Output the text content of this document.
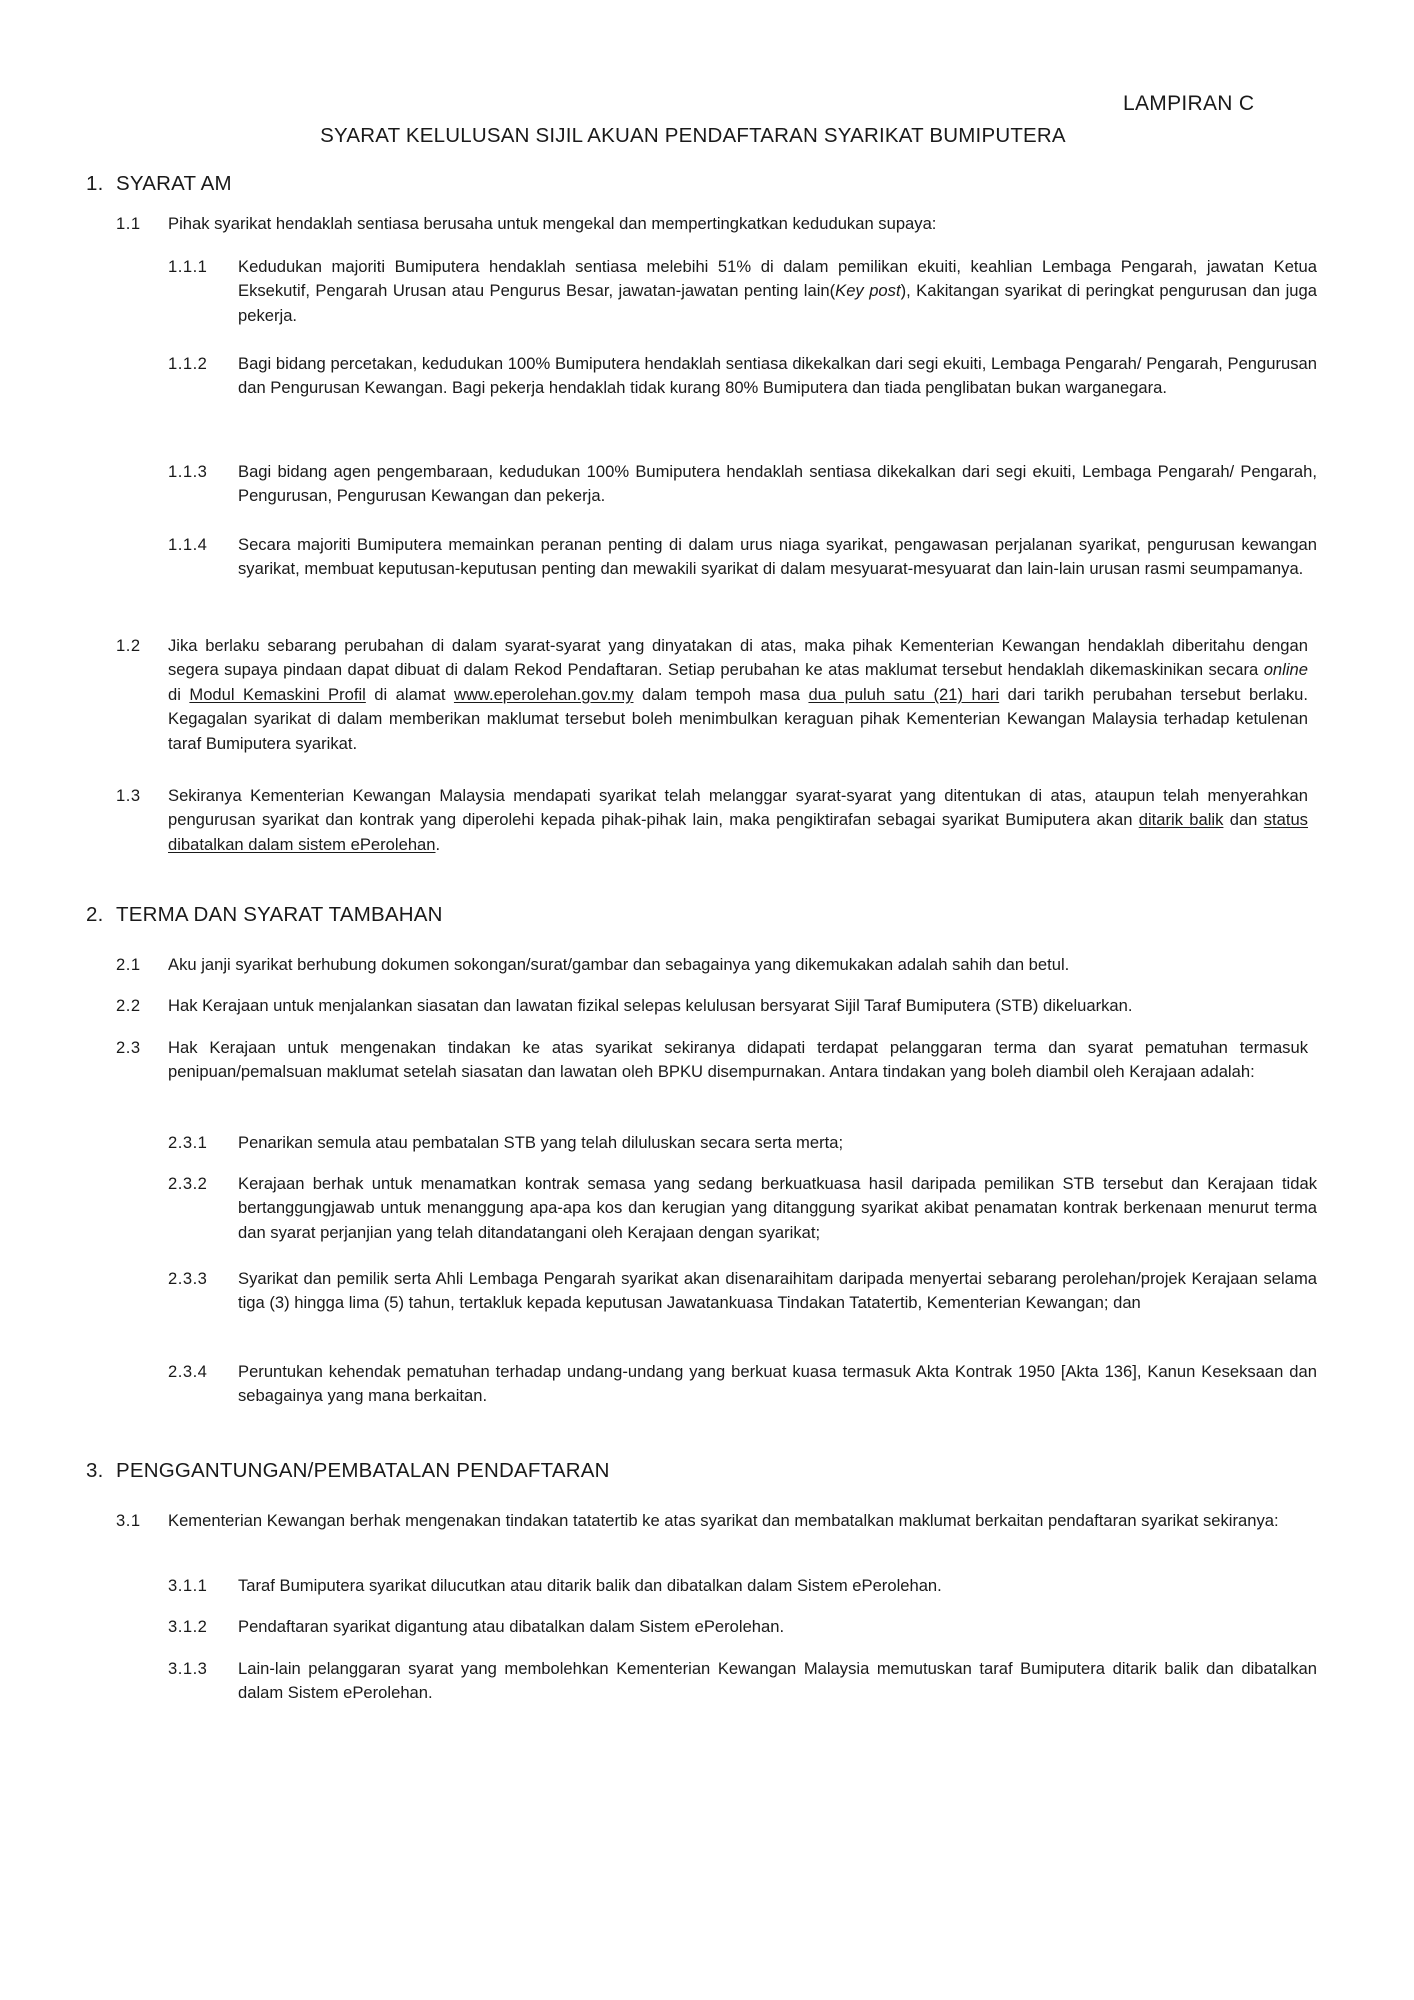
LAMPIRAN C
SYARAT KELULUSAN SIJIL AKUAN PENDAFTARAN SYARIKAT BUMIPUTERA
1. SYARAT AM
1.1 Pihak syarikat hendaklah sentiasa berusaha untuk mengekal dan mempertingkatkan kedudukan supaya:
1.1.1 Kedudukan majoriti Bumiputera hendaklah sentiasa melebihi 51% di dalam pemilikan ekuiti, keahlian Lembaga Pengarah, jawatan Ketua Eksekutif, Pengarah Urusan atau Pengurus Besar, jawatan-jawatan penting lain(Key post), Kakitangan syarikat di peringkat pengurusan dan juga pekerja.
1.1.2 Bagi bidang percetakan, kedudukan 100% Bumiputera hendaklah sentiasa dikekalkan dari segi ekuiti, Lembaga Pengarah/ Pengarah, Pengurusan dan Pengurusan Kewangan. Bagi pekerja hendaklah tidak kurang 80% Bumiputera dan tiada penglibatan bukan warganegara.
1.1.3 Bagi bidang agen pengembaraan, kedudukan 100% Bumiputera hendaklah sentiasa dikekalkan dari segi ekuiti, Lembaga Pengarah/ Pengarah, Pengurusan, Pengurusan Kewangan dan pekerja.
1.1.4 Secara majoriti Bumiputera memainkan peranan penting di dalam urus niaga syarikat, pengawasan perjalanan syarikat, pengurusan kewangan syarikat, membuat keputusan-keputusan penting dan mewakili syarikat di dalam mesyuarat-mesyuarat dan lain-lain urusan rasmi seumpamanya.
1.2 Jika berlaku sebarang perubahan di dalam syarat-syarat yang dinyatakan di atas, maka pihak Kementerian Kewangan hendaklah diberitahu dengan segera supaya pindaan dapat dibuat di dalam Rekod Pendaftaran. Setiap perubahan ke atas maklumat tersebut hendaklah dikemaskinikan secara online di Modul Kemaskini Profil di alamat www.eperolehan.gov.my dalam tempoh masa dua puluh satu (21) hari dari tarikh perubahan tersebut berlaku. Kegagalan syarikat di dalam memberikan maklumat tersebut boleh menimbulkan keraguan pihak Kementerian Kewangan Malaysia terhadap ketulenan taraf Bumiputera syarikat.
1.3 Sekiranya Kementerian Kewangan Malaysia mendapati syarikat telah melanggar syarat-syarat yang ditentukan di atas, ataupun telah menyerahkan pengurusan syarikat dan kontrak yang diperolehi kepada pihak-pihak lain, maka pengiktirafan sebagai syarikat Bumiputera akan ditarik balik dan status dibatalkan dalam sistem ePerolehan.
2. TERMA DAN SYARAT TAMBAHAN
2.1 Aku janji syarikat berhubung dokumen sokongan/surat/gambar dan sebagainya yang dikemukakan adalah sahih dan betul.
2.2 Hak Kerajaan untuk menjalankan siasatan dan lawatan fizikal selepas kelulusan bersyarat Sijil Taraf Bumiputera (STB) dikeluarkan.
2.3 Hak Kerajaan untuk mengenakan tindakan ke atas syarikat sekiranya didapati terdapat pelanggaran terma dan syarat pematuhan termasuk penipuan/pemalsuan maklumat setelah siasatan dan lawatan oleh BPKU disempurnakan. Antara tindakan yang boleh diambil oleh Kerajaan adalah:
2.3.1 Penarikan semula atau pembatalan STB yang telah diluluskan secara serta merta;
2.3.2 Kerajaan berhak untuk menamatkan kontrak semasa yang sedang berkuatkuasa hasil daripada pemilikan STB tersebut dan Kerajaan tidak bertanggungjawab untuk menanggung apa-apa kos dan kerugian yang ditanggung syarikat akibat penamatan kontrak berkenaan menurut terma dan syarat perjanjian yang telah ditandatangani oleh Kerajaan dengan syarikat;
2.3.3 Syarikat dan pemilik serta Ahli Lembaga Pengarah syarikat akan disenaraihitam daripada menyertai sebarang perolehan/projek Kerajaan selama tiga (3) hingga lima (5) tahun, tertakluk kepada keputusan Jawatankuasa Tindakan Tatatertib, Kementerian Kewangan; dan
2.3.4 Peruntukan kehendak pematuhan terhadap undang-undang yang berkuat kuasa termasuk Akta Kontrak 1950 [Akta 136], Kanun Keseksaan dan sebagainya yang mana berkaitan.
3. PENGGANTUNGAN/PEMBATALAN PENDAFTARAN
3.1 Kementerian Kewangan berhak mengenakan tindakan tatatertib ke atas syarikat dan membatalkan maklumat berkaitan pendaftaran syarikat sekiranya:
3.1.1 Taraf Bumiputera syarikat dilucutkan atau ditarik balik dan dibatalkan dalam Sistem ePerolehan.
3.1.2 Pendaftaran syarikat digantung atau dibatalkan dalam Sistem ePerolehan.
3.1.3 Lain-lain pelanggaran syarat yang membolehkan Kementerian Kewangan Malaysia memutuskan taraf Bumiputera ditarik balik dan dibatalkan dalam Sistem ePerolehan.
